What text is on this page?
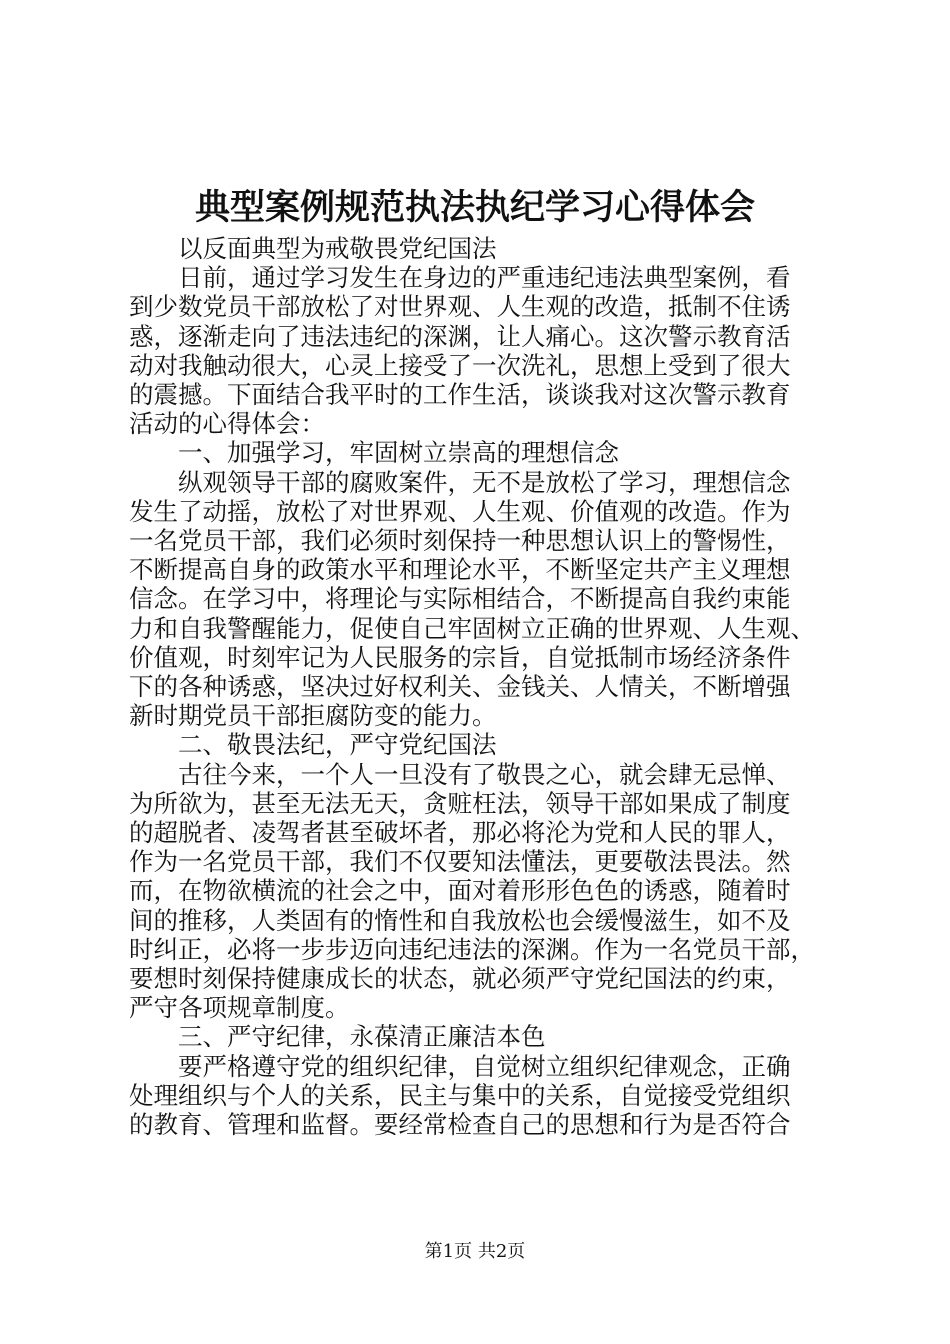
典型案例规范执法执纪学习心得体会
以反面典型为戒敬畏党纪国法
日前，通过学习发生在身边的严重违纪违法典型案例，看
到少数党员干部放松了对世界观、人生观的改造，抵制不住诱
惑，逐渐走向了违法违纪的深渊，让人痛心。这次警示教育活
动对我触动很大，心灵上接受了一次洗礼，思想上受到了很大
的震撼。下面结合我平时的工作生活，谈谈我对这次警示教育
活动的心得体会：
一、加强学习，牢固树立崇高的理想信念
纵观领导干部的腐败案件，无不是放松了学习，理想信念
发生了动摇，放松了对世界观、人生观、价值观的改造。作为
一名党员干部，我们必须时刻保持一种思想认识上的警惕性，
不断提高自身的政策水平和理论水平，不断坚定共产主义理想
信念。在学习中，将理论与实际相结合，不断提高自我约束能
力和自我警醒能力，促使自己牢固树立正确的世界观、人生观、
价值观，时刻牢记为人民服务的宗旨，自觉抵制市场经济条件
下的各种诱惑，坚决过好权利关、金钱关、人情关，不断增强
新时期党员干部拒腐防变的能力。
二、敬畏法纪，严守党纪国法
古往今来，一个人一旦没有了敬畏之心，就会肆无忌惮、
为所欲为，甚至无法无天，贪赃枉法，领导干部如果成了制度
的超脱者、凌驾者甚至破坏者，那必将沦为党和人民的罪人，
作为一名党员干部，我们不仅要知法懂法，更要敬法畏法。然
而，在物欲横流的社会之中，面对着形形色色的诱惑，随着时
间的推移，人类固有的惰性和自我放松也会缓慢滋生，如不及
时纠正，必将一步步迈向违纪违法的深渊。作为一名党员干部，
要想时刻保持健康成长的状态，就必须严守党纪国法的约束，
严守各项规章制度。
三、严守纪律，永葆清正廉洁本色
要严格遵守党的组织纪律，自觉树立组织纪律观念，正确
处理组织与个人的关系，民主与集中的关系，自觉接受党组织
的教育、管理和监督。要经常检查自己的思想和行为是否符合
第1页 共2页
